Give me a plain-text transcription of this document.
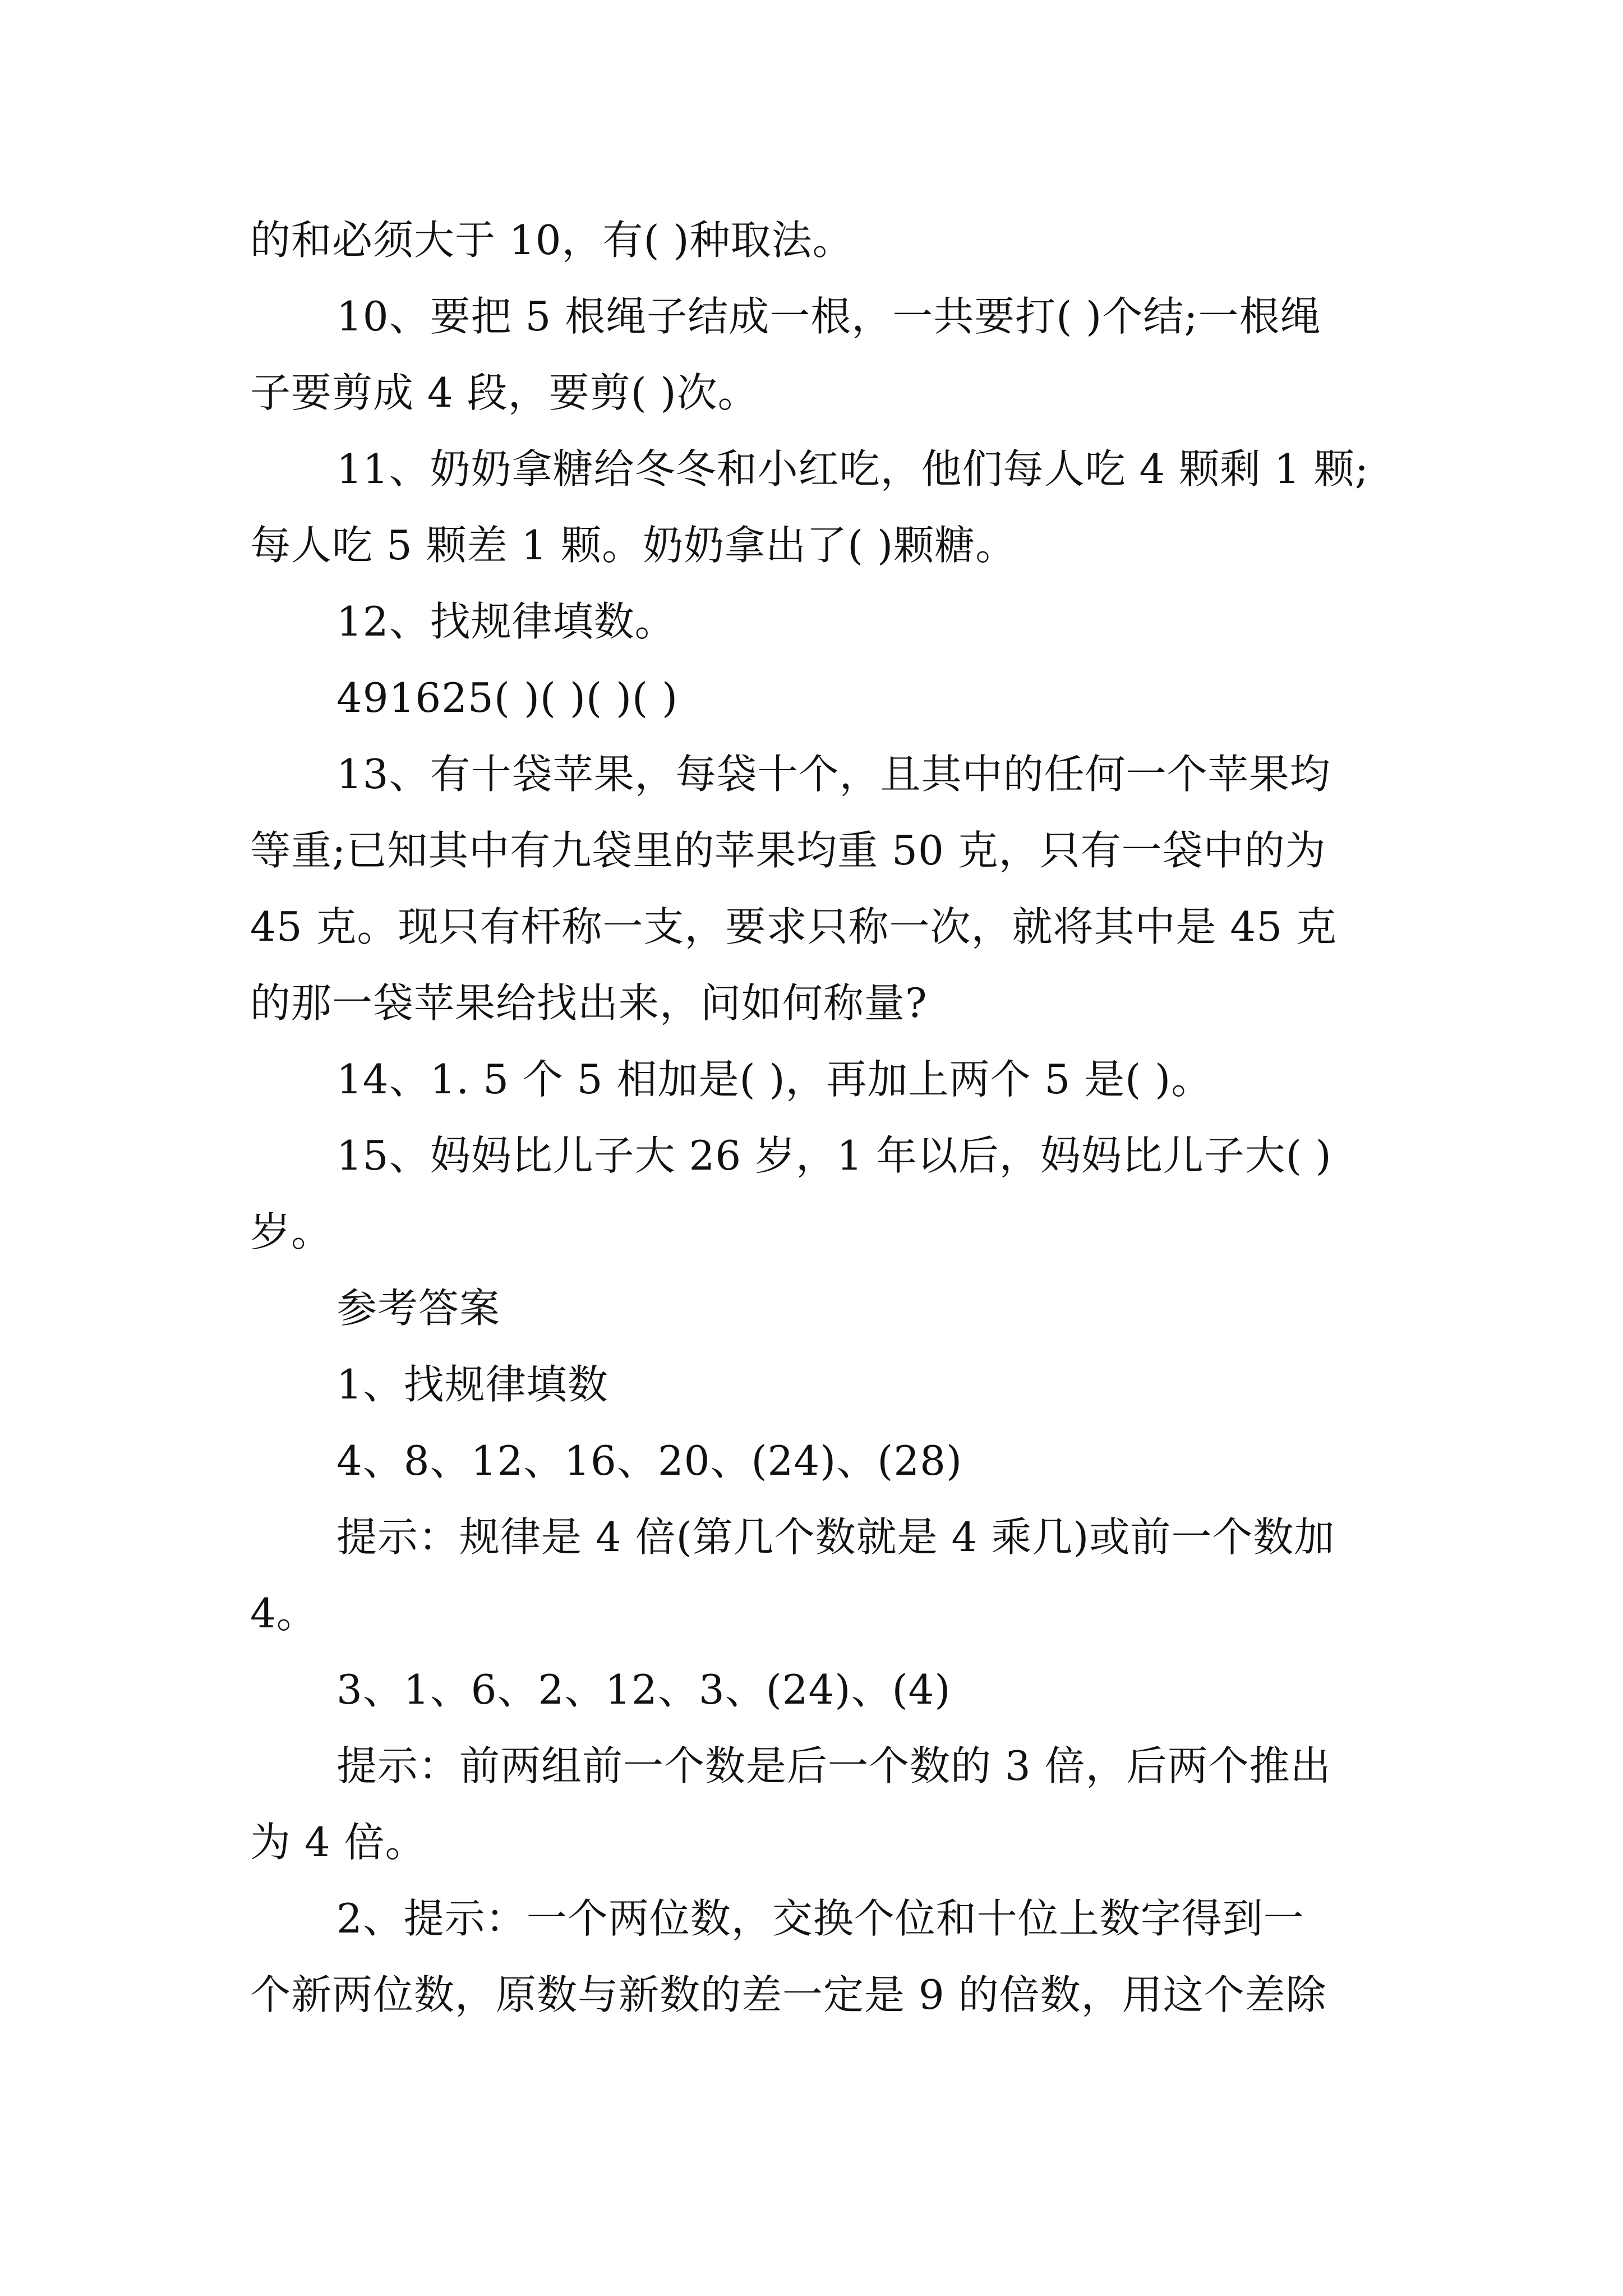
的和必须大于 10，有( )种取法。
10、要把 5 根绳子结成一根，一共要打( )个结;一根绳
子要剪成 4 段，要剪( )次。
11、奶奶拿糖给冬冬和小红吃，他们每人吃 4 颗剩 1 颗;
每人吃 5 颗差 1 颗。奶奶拿出了( )颗糖。
12、找规律填数。
491625( )( )( )( )
13、有十袋苹果，每袋十个，且其中的任何一个苹果均
等重;已知其中有九袋里的苹果均重 50 克，只有一袋中的为
45 克。现只有杆称一支，要求只称一次，就将其中是 45 克
的那一袋苹果给找出来，问如何称量?
14、1. 5 个 5 相加是( )，再加上两个 5 是( )。
15、妈妈比儿子大 26 岁，1 年以后，妈妈比儿子大( )
岁。
参考答案
1、找规律填数
4、8、12、16、20、(24)、(28)
提示：规律是 4 倍(第几个数就是 4 乘几)或前一个数加
4。
3、1、6、2、12、3、(24)、(4)
提示：前两组前一个数是后一个数的 3 倍，后两个推出
为 4 倍。
2、提示：一个两位数，交换个位和十位上数字得到一
个新两位数，原数与新数的差一定是 9 的倍数，用这个差除
